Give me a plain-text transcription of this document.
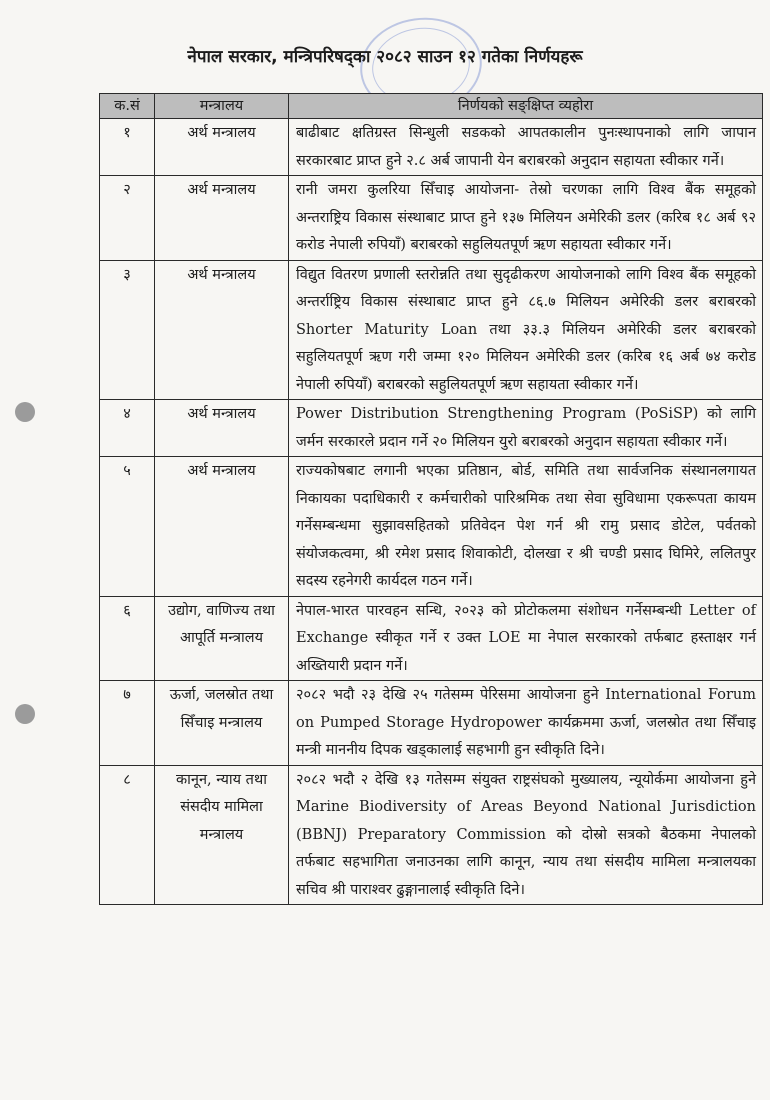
नेपाल सरकार, मन्त्रिपरिषद्का २०८२ साउन १२ गतेका निर्णयहरू
क.सं	मन्त्रालय	निर्णयको सङ्क्षिप्त व्यहोरा
१	अर्थ मन्त्रालय	बाढीबाट क्षतिग्रस्त सिन्धुली सडकको आपतकालीन पुनःस्थापनाको लागि जापान सरकारबाट प्राप्त हुने २.८ अर्ब जापानी येन बराबरको अनुदान सहायता स्वीकार गर्ने।
२	अर्थ मन्त्रालय	रानी जमरा कुलरिया सिँचाइ आयोजना- तेस्रो चरणका लागि विश्व बैंक समूहको अन्तराष्ट्रिय विकास संस्थाबाट प्राप्त हुने १३७ मिलियन अमेरिकी डलर (करिब १८ अर्ब ९२ करोड नेपाली रुपियाँ) बराबरको सहुलियतपूर्ण ऋण सहायता स्वीकार गर्ने।
३	अर्थ मन्त्रालय	विद्युत वितरण प्रणाली स्तरोन्नति तथा सुदृढीकरण आयोजनाको लागि विश्व बैंक समूहको अन्तर्राष्ट्रिय विकास संस्थाबाट प्राप्त हुने ८६.७ मिलियन अमेरिकी डलर बराबरको Shorter Maturity Loan तथा ३३.३ मिलियन अमेरिकी डलर बराबरको सहुलियतपूर्ण ऋण गरी जम्मा १२० मिलियन अमेरिकी डलर (करिब १६ अर्ब ७४ करोड नेपाली रुपियाँ) बराबरको सहुलियतपूर्ण ऋण सहायता स्वीकार गर्ने।
४	अर्थ मन्त्रालय	Power Distribution Strengthening Program (PoSiSP) को लागि जर्मन सरकारले प्रदान गर्ने २० मिलियन युरो बराबरको अनुदान सहायता स्वीकार गर्ने।
५	अर्थ मन्त्रालय	राज्यकोषबाट लगानी भएका प्रतिष्ठान, बोर्ड, समिति तथा सार्वजनिक संस्थानलगायत निकायका पदाधिकारी र कर्मचारीको पारिश्रमिक तथा सेवा सुविधामा एकरूपता कायम गर्नेसम्बन्धमा सुझावसहितको प्रतिवेदन पेश गर्न श्री रामु प्रसाद डोटेल, पर्वतको संयोजकत्वमा, श्री रमेश प्रसाद शिवाकोटी, दोलखा र श्री चण्डी प्रसाद घिमिरे, ललितपुर सदस्य रहनेगरी कार्यदल गठन गर्ने।
६	उद्योग, वाणिज्य तथा आपूर्ति मन्त्रालय	नेपाल-भारत पारवहन सन्धि, २०२३ को प्रोटोकलमा संशोधन गर्नेसम्बन्धी Letter of Exchange स्वीकृत गर्ने र उक्त LOE मा नेपाल सरकारको तर्फबाट हस्ताक्षर गर्न अख्तियारी प्रदान गर्ने।
७	ऊर्जा, जलस्रोत तथा सिँचाइ मन्त्रालय	२०८२ भदौ २३ देखि २५ गतेसम्म पेरिसमा आयोजना हुने International Forum on Pumped Storage Hydropower कार्यक्रममा ऊर्जा, जलस्रोत तथा सिँचाइ मन्त्री माननीय दिपक खड्कालाई सहभागी हुन स्वीकृति दिने।
८	कानून, न्याय तथा संसदीय मामिला मन्त्रालय	२०८२ भदौ २ देखि १३ गतेसम्म संयुक्त राष्ट्रसंघको मुख्यालय, न्यूयोर्कमा आयोजना हुने Marine Biodiversity of Areas Beyond National Jurisdiction (BBNJ) Preparatory Commission को दोस्रो सत्रको बैठकमा नेपालको तर्फबाट सहभागिता जनाउनका लागि कानून, न्याय तथा संसदीय मामिला मन्त्रालयका सचिव श्री पाराश्वर ढुङ्गानालाई स्वीकृति दिने।
